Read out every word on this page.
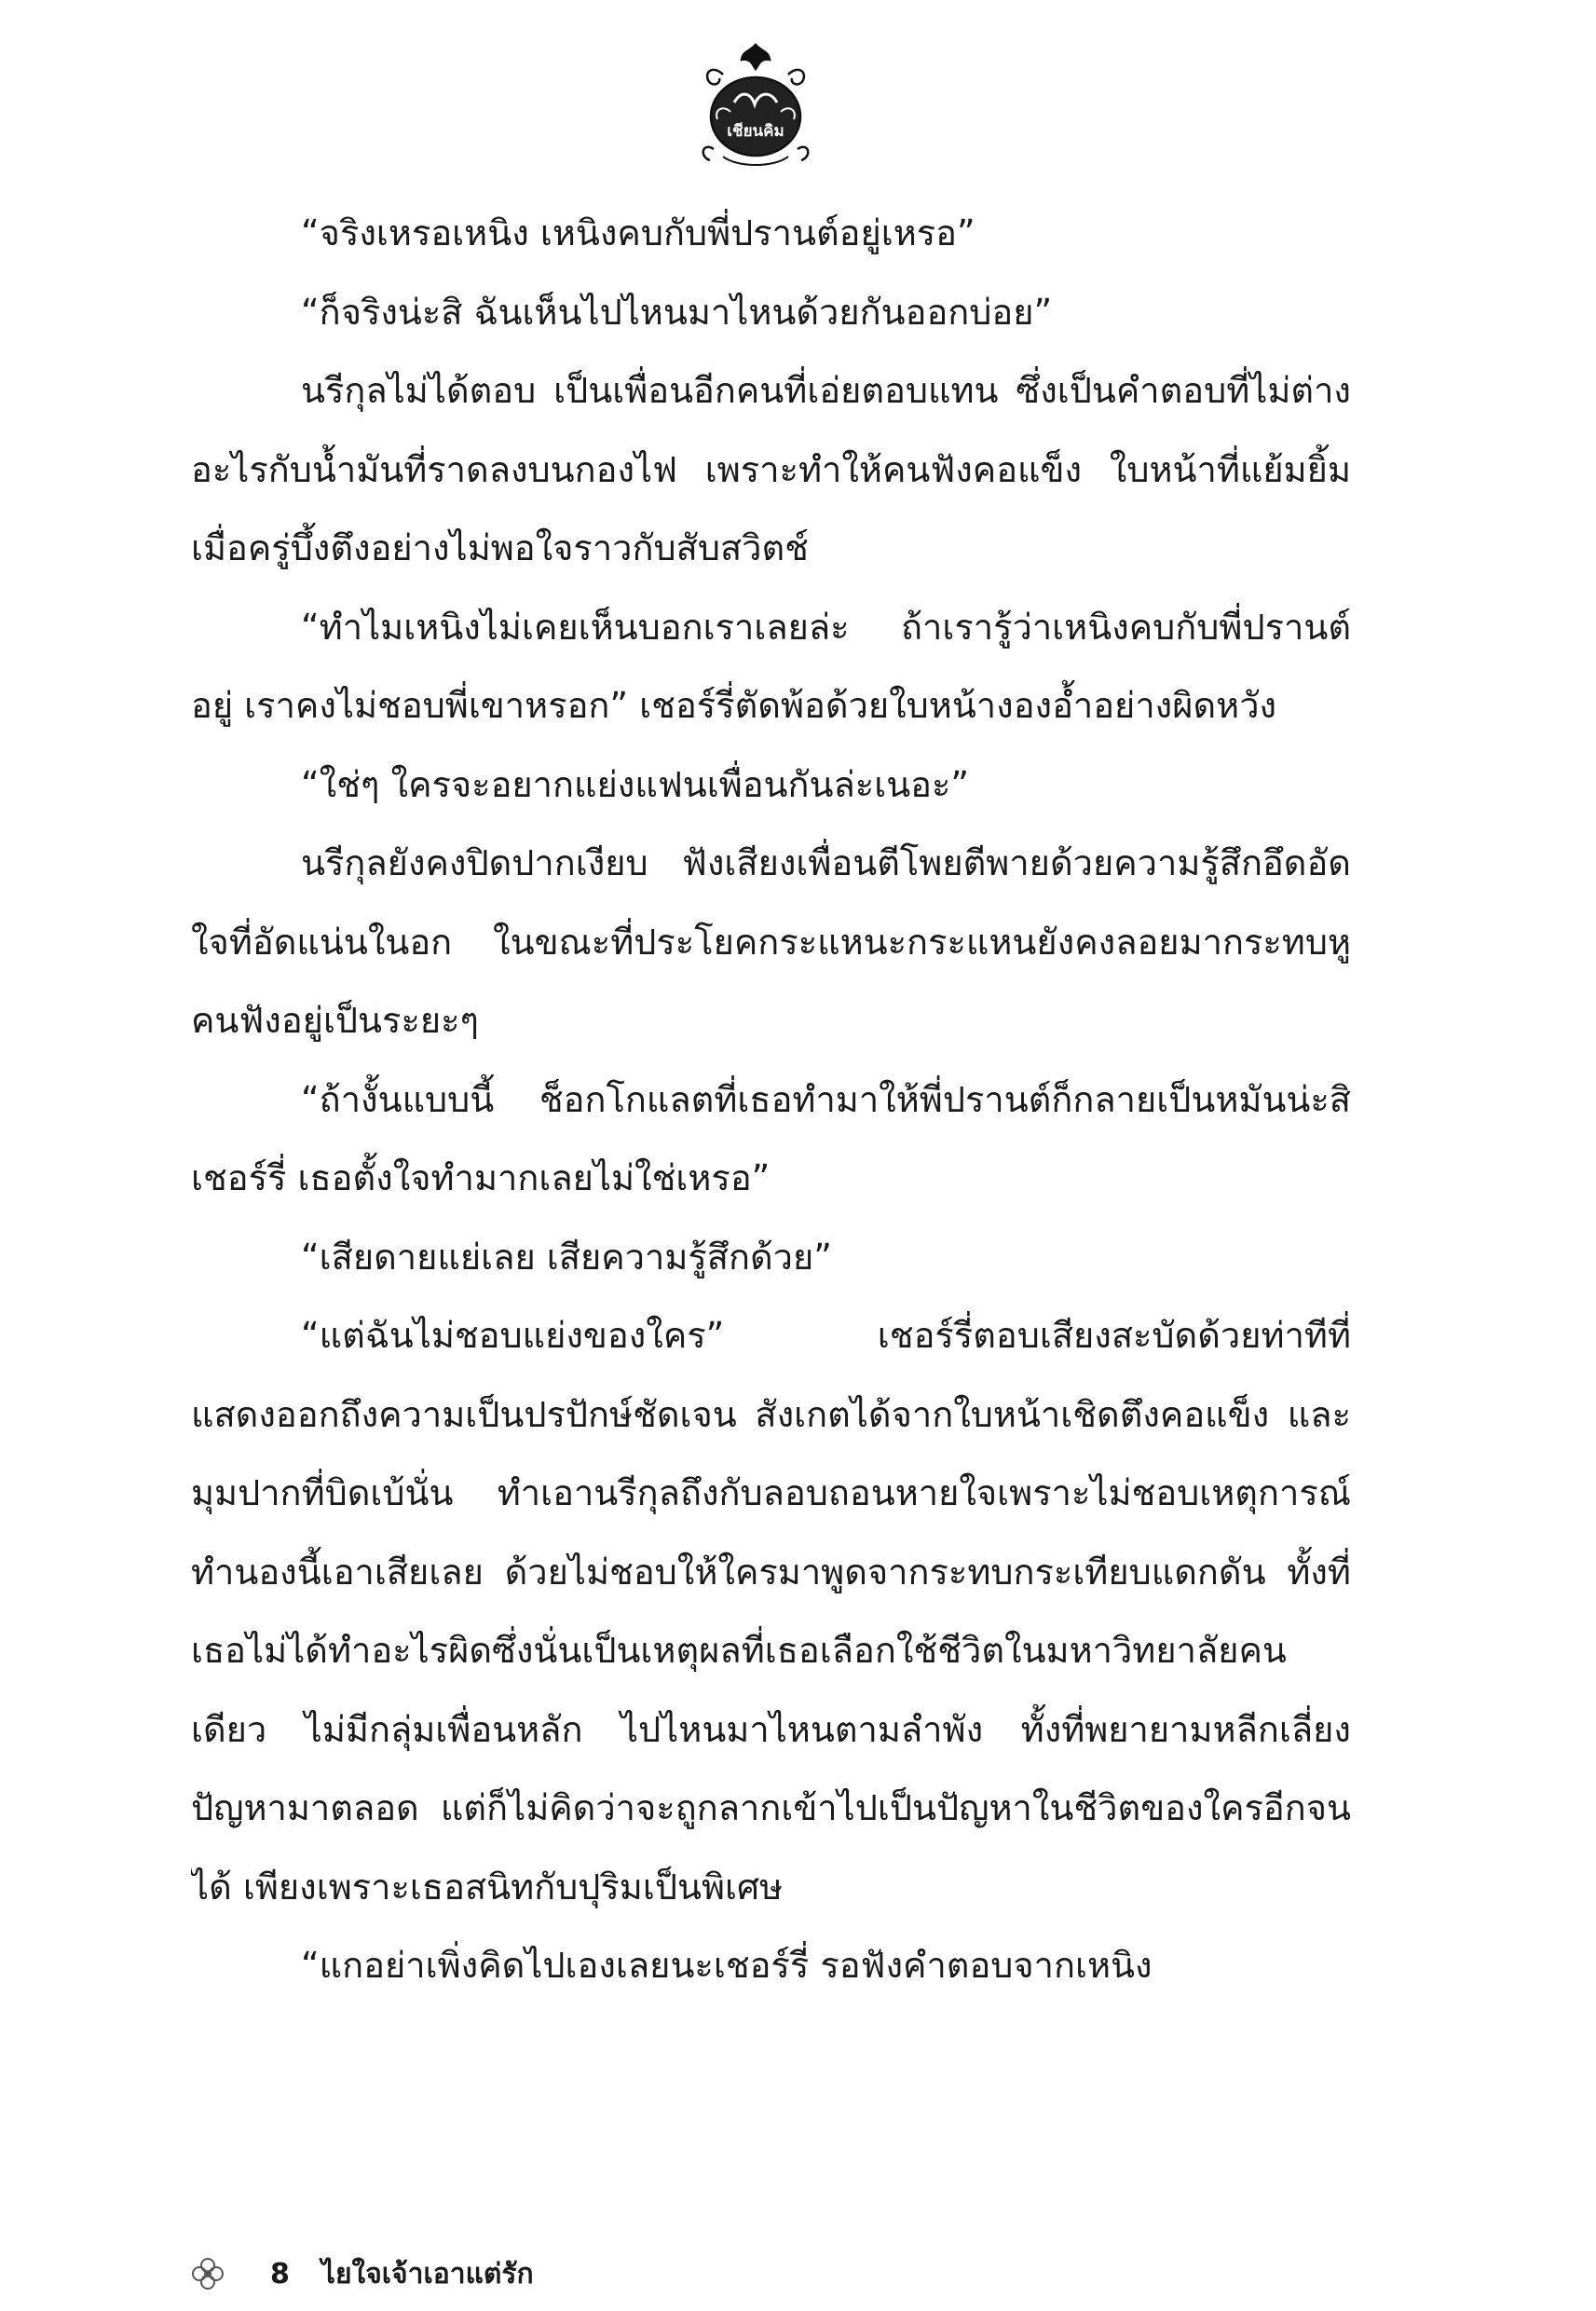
เชียนคิม

“จริงเหรอเหนิง เหนิงคบกับพี่ปรานต์อยู่เหรอ”

“ก็จริงน่ะสิ ฉันเห็นไปไหนมาไหนด้วยกันออกบ่อย”

นรีกุลไม่ได้ตอบ เป็นเพื่อนอีกคนที่เอ่ยตอบแทน ซึ่งเป็นคำตอบที่ไม่ต่างอะไรกับน้ำมันที่ราดลงบนกองไฟ เพราะทำให้คนฟังคอแข็ง ใบหน้าที่แย้มยิ้มเมื่อครู่บึ้งตึงอย่างไม่พอใจราวกับสับสวิตช์

“ทำไมเหนิงไม่เคยเห็นบอกเราเลยล่ะ ถ้าเรารู้ว่าเหนิงคบกับพี่ปรานต์อยู่ เราคงไม่ชอบพี่เขาหรอก” เชอร์รี่ตัดพ้อด้วยใบหน้างองอ้ำอย่างผิดหวัง

“ใช่ๆ ใครจะอยากแย่งแฟนเพื่อนกันล่ะเนอะ”

นรีกุลยังคงปิดปากเงียบ ฟังเสียงเพื่อนตีโพยตีพายด้วยความรู้สึกอึดอัดใจที่อัดแน่นในอก ในขณะที่ประโยคกระแหนะกระแหนยังคงลอยมากระทบหูคนฟังอยู่เป็นระยะๆ

“ถ้างั้นแบบนี้ ช็อกโกแลตที่เธอทำมาให้พี่ปรานต์ก็กลายเป็นหมันน่ะสิเชอร์รี่ เธอตั้งใจทำมากเลยไม่ใช่เหรอ”

“เสียดายแย่เลย เสียความรู้สึกด้วย”

“แต่ฉันไม่ชอบแย่งของใคร” เชอร์รี่ตอบเสียงสะบัดด้วยท่าทีที่แสดงออกถึงความเป็นปรปักษ์ชัดเจน สังเกตได้จากใบหน้าเชิดตึงคอแข็ง และมุมปากที่บิดเบ้นั่น ทำเอานรีกุลถึงกับลอบถอนหายใจเพราะไม่ชอบเหตุการณ์ทำนองนี้เอาเสียเลย ด้วยไม่ชอบให้ใครมาพูดจากระทบกระเทียบแดกดัน ทั้งที่เธอไม่ได้ทำอะไรผิดซึ่งนั่นเป็นเหตุผลที่เธอเลือกใช้ชีวิตในมหาวิทยาลัยคนเดียว ไม่มีกลุ่มเพื่อนหลัก ไปไหนมาไหนตามลำพัง ทั้งที่พยายามหลีกเลี่ยงปัญหามาตลอด แต่ก็ไม่คิดว่าจะถูกลากเข้าไปเป็นปัญหาในชีวิตของใครอีกจนได้ เพียงเพราะเธอสนิทกับปุริมเป็นพิเศษ

“แกอย่าเพิ่งคิดไปเองเลยนะเชอร์รี่ รอฟังคำตอบจากเหนิง

8 ไยใจเจ้าเอาแต่รัก
